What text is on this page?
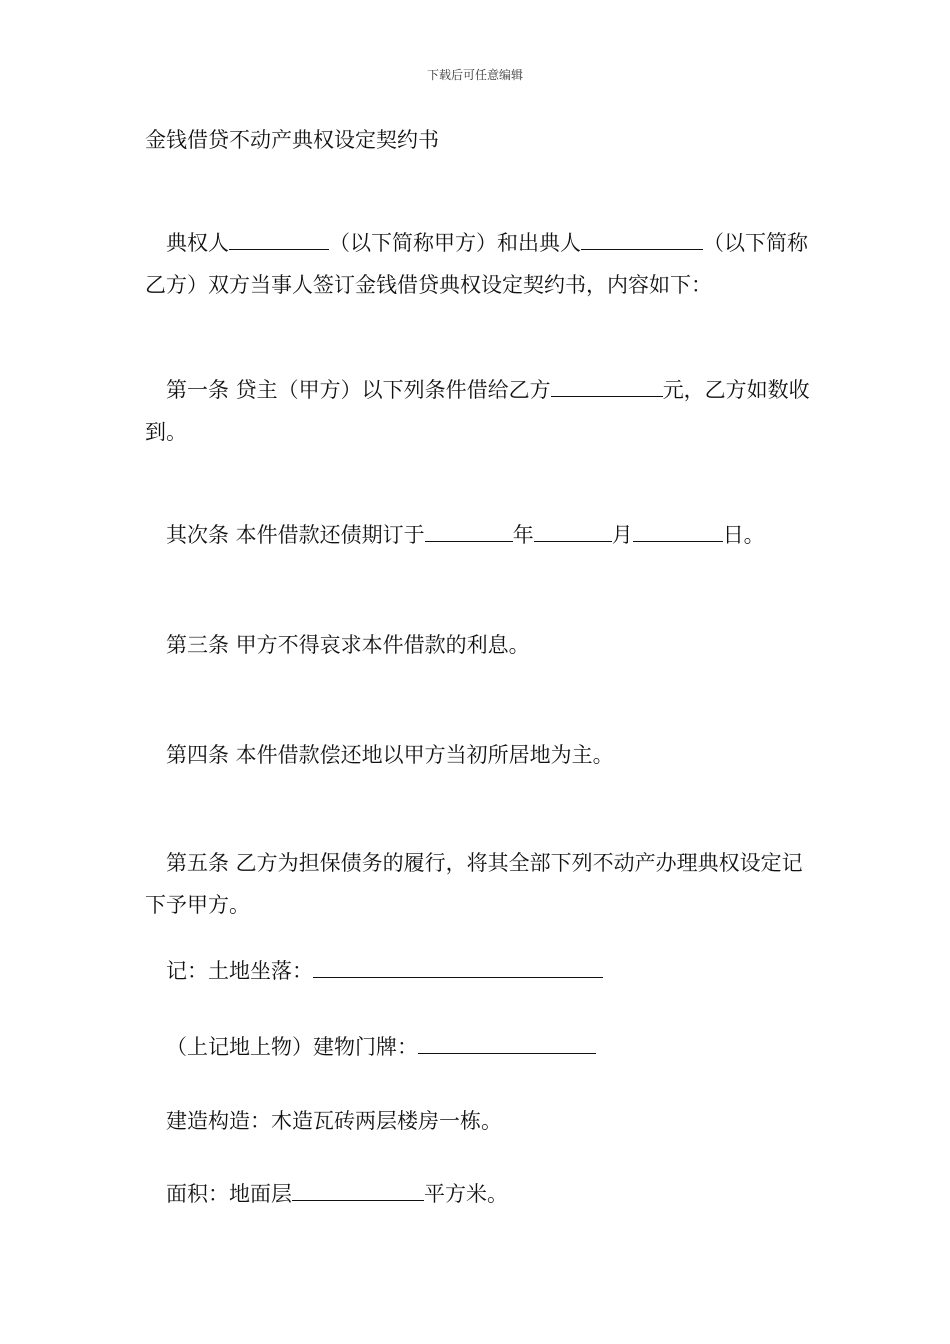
下载后可任意编辑
金钱借贷不动产典权设定契约书

典权人	（以下简称甲方）和出典人	（以下简称乙方）双方当事人签订金钱借贷典权设定契约书，内容如下：

第一条 贷主（甲方）以下列条件借给乙方	元，乙方如数收到。

其次条 本件借款还债期订于	年	月	日。

第三条 甲方不得哀求本件借款的利息。

第四条 本件借款偿还地以甲方当初所居地为主。

第五条 乙方为担保债务的履行，将其全部下列不动产办理典权设定记下予甲方。

记：土地坐落：

（上记地上物）建物门牌：

建造构造：木造瓦砖两层楼房一栋。

面积：地面层	平方米。
